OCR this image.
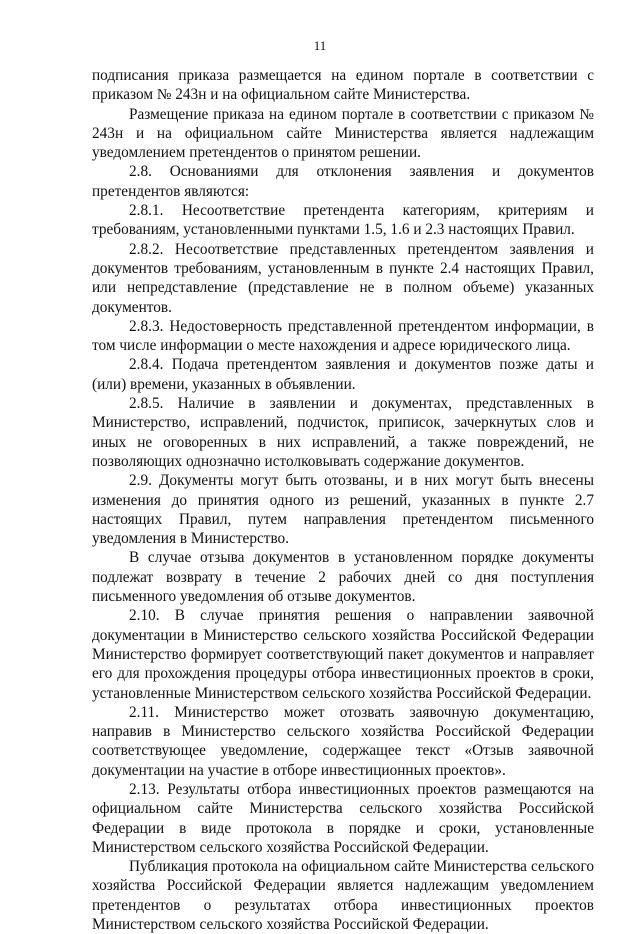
11

подписания приказа размещается на едином портале в соответствии с приказом № 243н и на официальном сайте Министерства.

Размещение приказа на едином портале в соответствии с приказом № 243н и на официальном сайте Министерства является надлежащим уведомлением претендентов о принятом решении.

2.8. Основаниями для отклонения заявления и документов претендентов являются:

2.8.1. Несоответствие претендента категориям, критериям и требованиям, установленными пунктами 1.5, 1.6 и 2.3 настоящих Правил.

2.8.2. Несоответствие представленных претендентом заявления и документов требованиям, установленным в пункте 2.4 настоящих Правил, или непредставление (представление не в полном объеме) указанных документов.

2.8.3. Недостоверность представленной претендентом информации, в том числе информации о месте нахождения и адресе юридического лица.

2.8.4. Подача претендентом заявления и документов позже даты и (или) времени, указанных в объявлении.

2.8.5. Наличие в заявлении и документах, представленных в Министерство, исправлений, подчисток, приписок, зачеркнутых слов и иных не оговоренных в них исправлений, а также повреждений, не позволяющих однозначно истолковывать содержание документов.

2.9. Документы могут быть отозваны, и в них могут быть внесены изменения до принятия одного из решений, указанных в пункте 2.7 настоящих Правил, путем направления претендентом письменного уведомления в Министерство.

В случае отзыва документов в установленном порядке документы подлежат возврату в течение 2 рабочих дней со дня поступления письменного уведомления об отзыве документов.

2.10. В случае принятия решения о направлении заявочной документации в Министерство сельского хозяйства Российской Федерации Министерство формирует соответствующий пакет документов и направляет его для прохождения процедуры отбора инвестиционных проектов в сроки, установленные Министерством сельского хозяйства Российской Федерации.

2.11. Министерство может отозвать заявочную документацию, направив в Министерство сельского хозяйства Российской Федерации соответствующее уведомление, содержащее текст «Отзыв заявочной документации на участие в отборе инвестиционных проектов».

2.13. Результаты отбора инвестиционных проектов размещаются на официальном сайте Министерства сельского хозяйства Российской Федерации в виде протокола в порядке и сроки, установленные Министерством сельского хозяйства Российской Федерации.

Публикация протокола на официальном сайте Министерства сельского хозяйства Российской Федерации является надлежащим уведомлением претендентов о результатах отбора инвестиционных проектов Министерством сельского хозяйства Российской Федерации.
